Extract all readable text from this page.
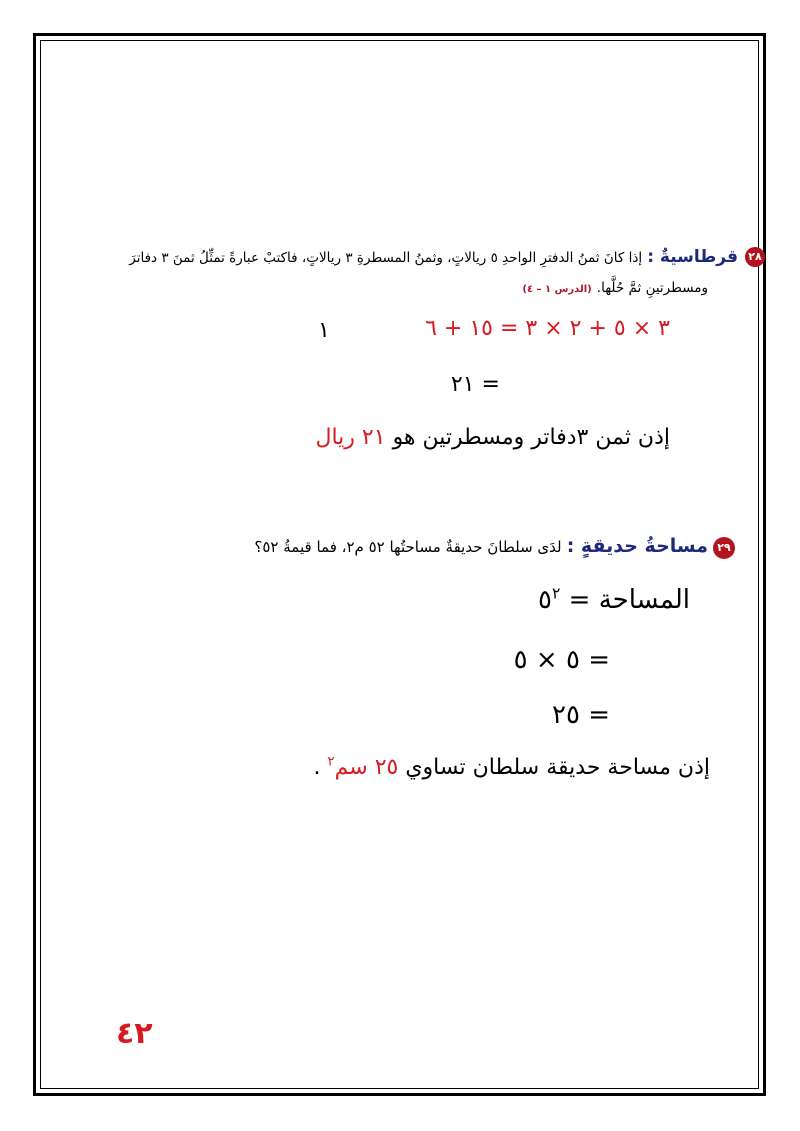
٢٨
قرطاسيةٌ : إذا كانَ ثمنُ الدفترِ الواحدِ ٥ ريالاتٍ، وثمنُ المسطرةِ ٣ ريالاتٍ، فاكتبْ عبارةً تمثِّلُ ثمنَ ٣ دفاترَ
ومسطرتينِ ثمَّ حُلَّها. (الدرس ١ – ٤)
٣ × ٥ + ٢ × ٣ = ١٥ + ٦
١
= ٢١
إذن ثمن ٣دفاتر ومسطرتين هو ٢١ ريال
٢٩
مساحةُ حديقةٍ : لدَى سلطانَ حديقةٌ مساحتُها ٥٢ م٢، فما قيمةُ ٥٢؟
المساحة = $٥^٢$
= ٥ × ٥
= ٢٥
إذن مساحة حديقة سلطان تساوي ٢٥ سم$^٢$ .
٤٢
